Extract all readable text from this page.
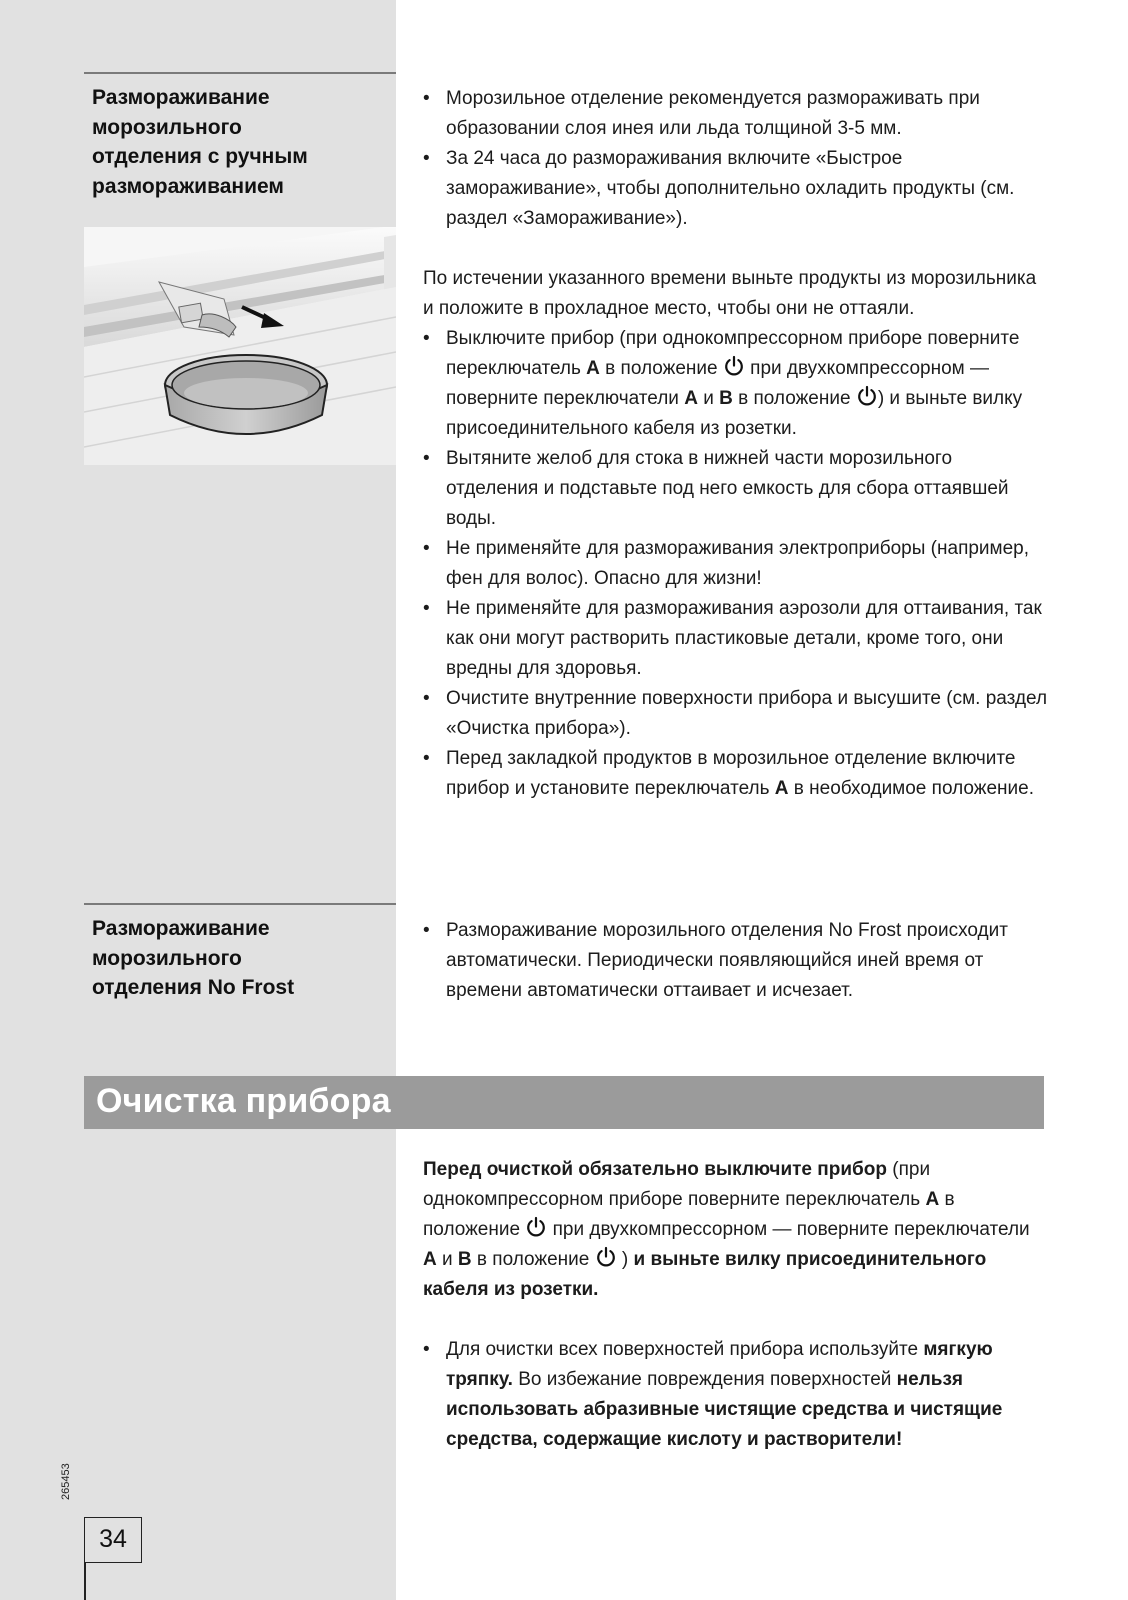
Размораживание
морозильного
отделения с ручным
размораживанием
• Морозильное отделение рекомендуется размораживать при образовании слоя инея или льда толщиной 3-5 мм.
• За 24 часа до размораживания включите «Быстрое замораживание», чтобы дополнительно охладить продукты (см. раздел «Замораживание»).

По истечении указанного времени выньте продукты из морозильника и положите в прохладное место, чтобы они не оттаяли.

• Выключите прибор (при однокомпрессорном приборе поверните переключатель A в положение  при двухкомпрессорном — поверните переключатели A и B в положение ) и выньте вилку присоединительного кабеля из розетки.
• Вытяните желоб для стока в нижней части морозильного отделения и подставьте под него емкость для сбора оттаявшей воды.
• Не применяйте для размораживания электроприборы (например, фен для волос). Опасно для жизни!
• Не применяйте для размораживания аэрозоли для оттаивания, так как они могут растворить пластиковые детали, кроме того, они вредны для здоровья.
• Очистите внутренние поверхности прибора и высушите (см. раздел «Очистка прибора»).
• Перед закладкой продуктов в морозильное отделение включите прибор и установите переключатель A в необходимое положение.
Размораживание
морозильного
отделения No Frost
• Размораживание морозильного отделения No Frost происходит автоматически. Периодически появляющийся иней время от времени автоматически оттаивает и исчезает.
Очистка прибора

Перед очисткой обязательно выключите прибор (при однокомпрессорном приборе поверните переключатель A в положение  при двухкомпрессорном — поверните переключатели A и B в положение  ) и выньте вилку присоединительного кабеля из розетки.

• Для очистки всех поверхностей прибора используйте мягкую тряпку. Во избежание повреждения поверхностей нельзя использовать абразивные чистящие средства и чистящие средства, содержащие кислоту и растворители!
265453
34
